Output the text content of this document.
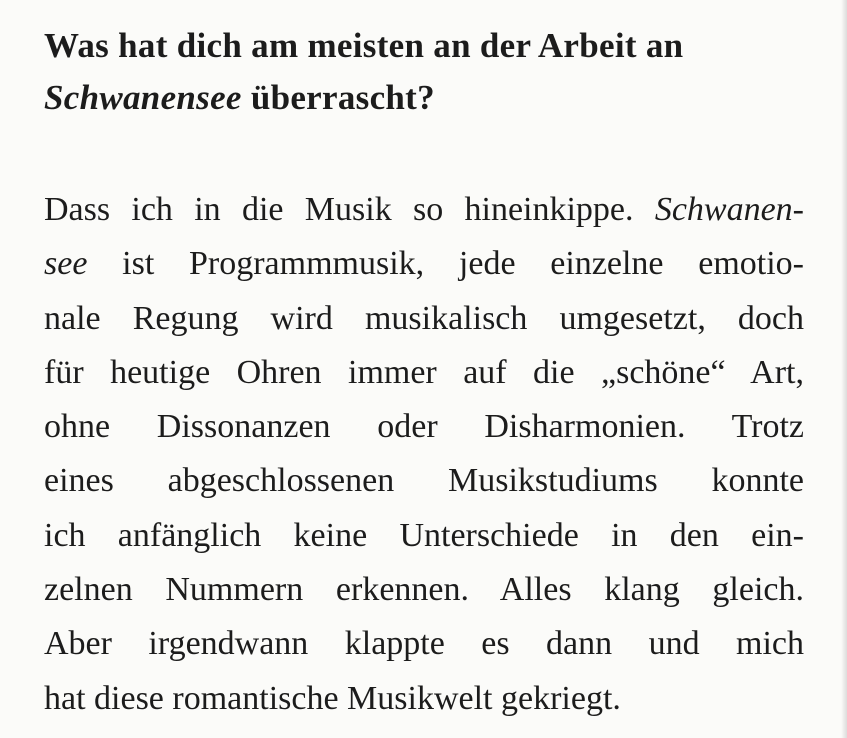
Was hat dich am meisten an der Arbeit an
Schwanensee überrascht?
Dass ich in die Musik so hineinkippe. Schwanen-
see ist Programmmusik, jede einzelne emotio-
nale Regung wird musikalisch umgesetzt, doch
für heutige Ohren immer auf die „schöne“ Art,
ohne Dissonanzen oder Disharmonien. Trotz
eines abgeschlossenen Musikstudiums konnte
ich anfänglich keine Unterschiede in den ein-
zelnen Nummern erkennen. Alles klang gleich.
Aber irgendwann klappte es dann und mich
hat diese romantische Musikwelt gekriegt.
